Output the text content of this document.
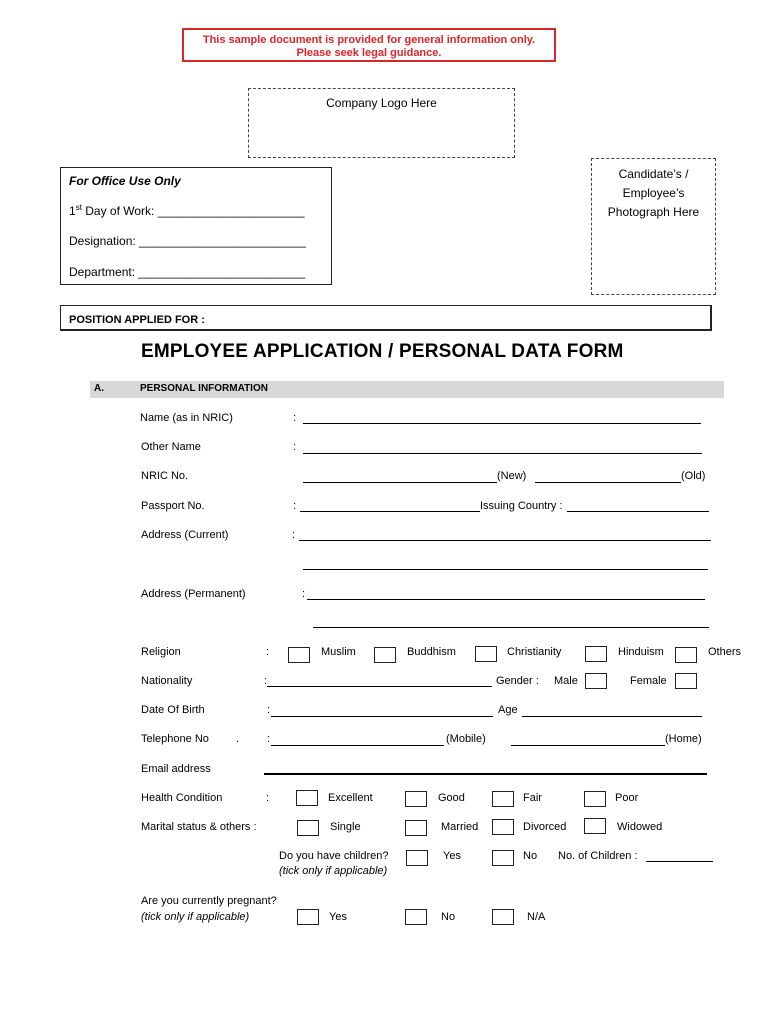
This sample document is provided for general information only.
Please seek legal guidance.
Company Logo Here
For Office Use Only
1st Day of Work: ______________________
Designation: _________________________
Department: _________________________
Candidate’s /
Employee’s
Photograph Here
POSITION APPLIED FOR :
EMPLOYEE APPLICATION / PERSONAL DATA FORM
A.	PERSONAL INFORMATION
Name (as in NRIC)	:
Other Name	:
NRIC No.	(New)	(Old)
Passport No.	:	Issuing Country :
Address (Current)	:
Address (Permanent)	:
Religion	:	Muslim	Buddhism	Christianity	Hinduism	Others
Nationality	:	Gender : Male	Female
Date Of Birth	:	Age
Telephone No .	:	(Mobile)	(Home)
Email address
Health Condition	:	Excellent	Good	Fair	Poor
Marital status & others :	Single	Married	Divorced	Widowed
Do you have children?
(tick only if applicable)
Yes	No No. of Children :
Are you currently pregnant?
(tick only if applicable)	Yes	No	N/A
